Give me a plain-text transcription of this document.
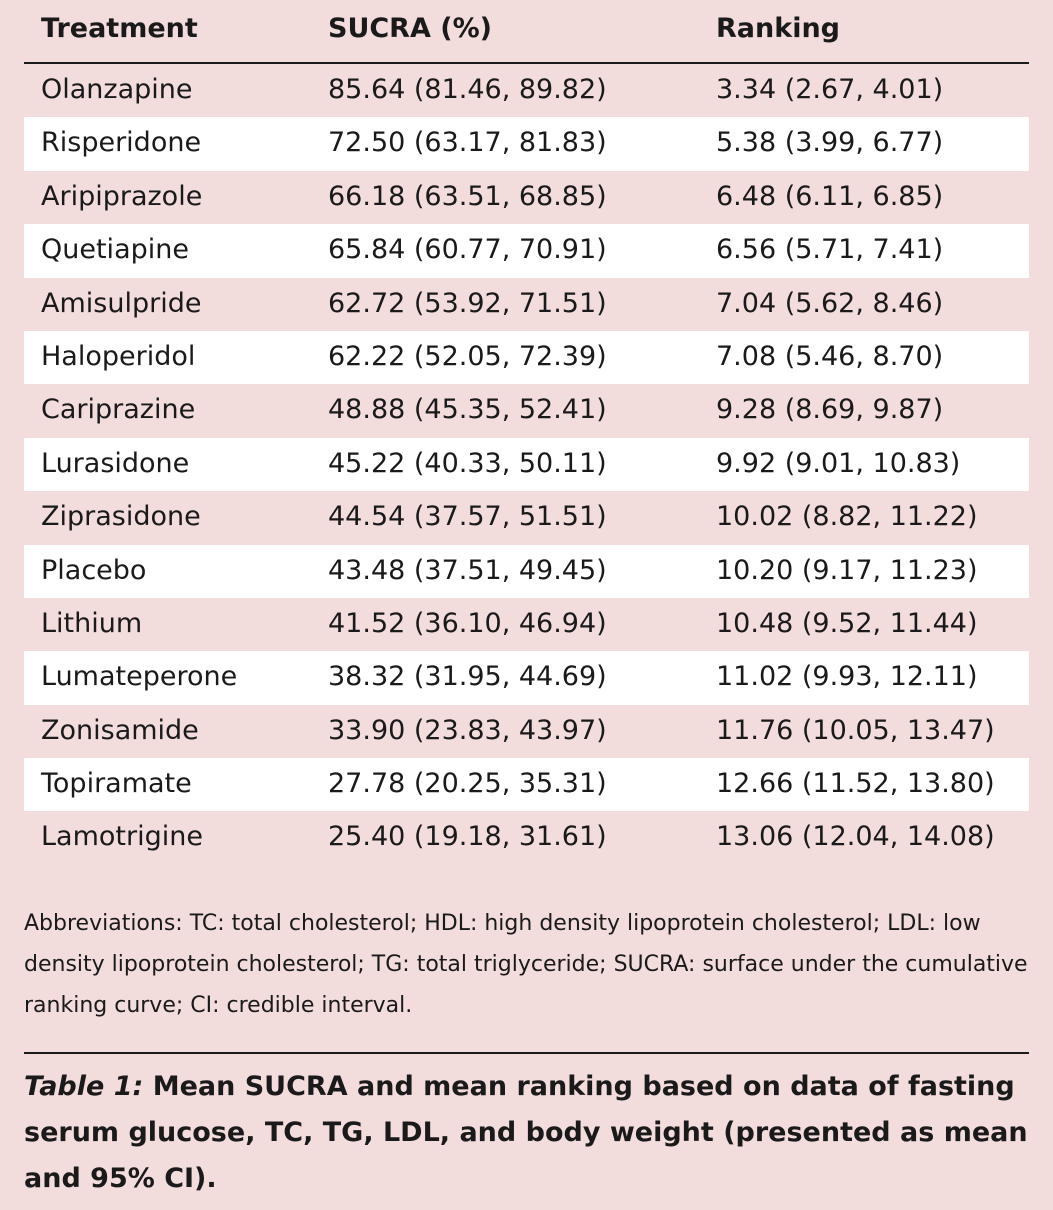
Treatment	SUCRA (%)	Ranking
Olanzapine	85.64 (81.46, 89.82)	3.34 (2.67, 4.01)
Risperidone	72.50 (63.17, 81.83)	5.38 (3.99, 6.77)
Aripiprazole	66.18 (63.51, 68.85)	6.48 (6.11, 6.85)
Quetiapine	65.84 (60.77, 70.91)	6.56 (5.71, 7.41)
Amisulpride	62.72 (53.92, 71.51)	7.04 (5.62, 8.46)
Haloperidol	62.22 (52.05, 72.39)	7.08 (5.46, 8.70)
Cariprazine	48.88 (45.35, 52.41)	9.28 (8.69, 9.87)
Lurasidone	45.22 (40.33, 50.11)	9.92 (9.01, 10.83)
Ziprasidone	44.54 (37.57, 51.51)	10.02 (8.82, 11.22)
Placebo	43.48 (37.51, 49.45)	10.20 (9.17, 11.23)
Lithium	41.52 (36.10, 46.94)	10.48 (9.52, 11.44)
Lumateperone	38.32 (31.95, 44.69)	11.02 (9.93, 12.11)
Zonisamide	33.90 (23.83, 43.97)	11.76 (10.05, 13.47)
Topiramate	27.78 (20.25, 35.31)	12.66 (11.52, 13.80)
Lamotrigine	25.40 (19.18, 31.61)	13.06 (12.04, 14.08)
Abbreviations: TC: total cholesterol; HDL: high density lipoprotein cholesterol; LDL: low density lipoprotein cholesterol; TG: total triglyceride; SUCRA: surface under the cumulative ranking curve; CI: credible interval.
Table 1: Mean SUCRA and mean ranking based on data of fasting serum glucose, TC, TG, LDL, and body weight (presented as mean and 95% CI).
